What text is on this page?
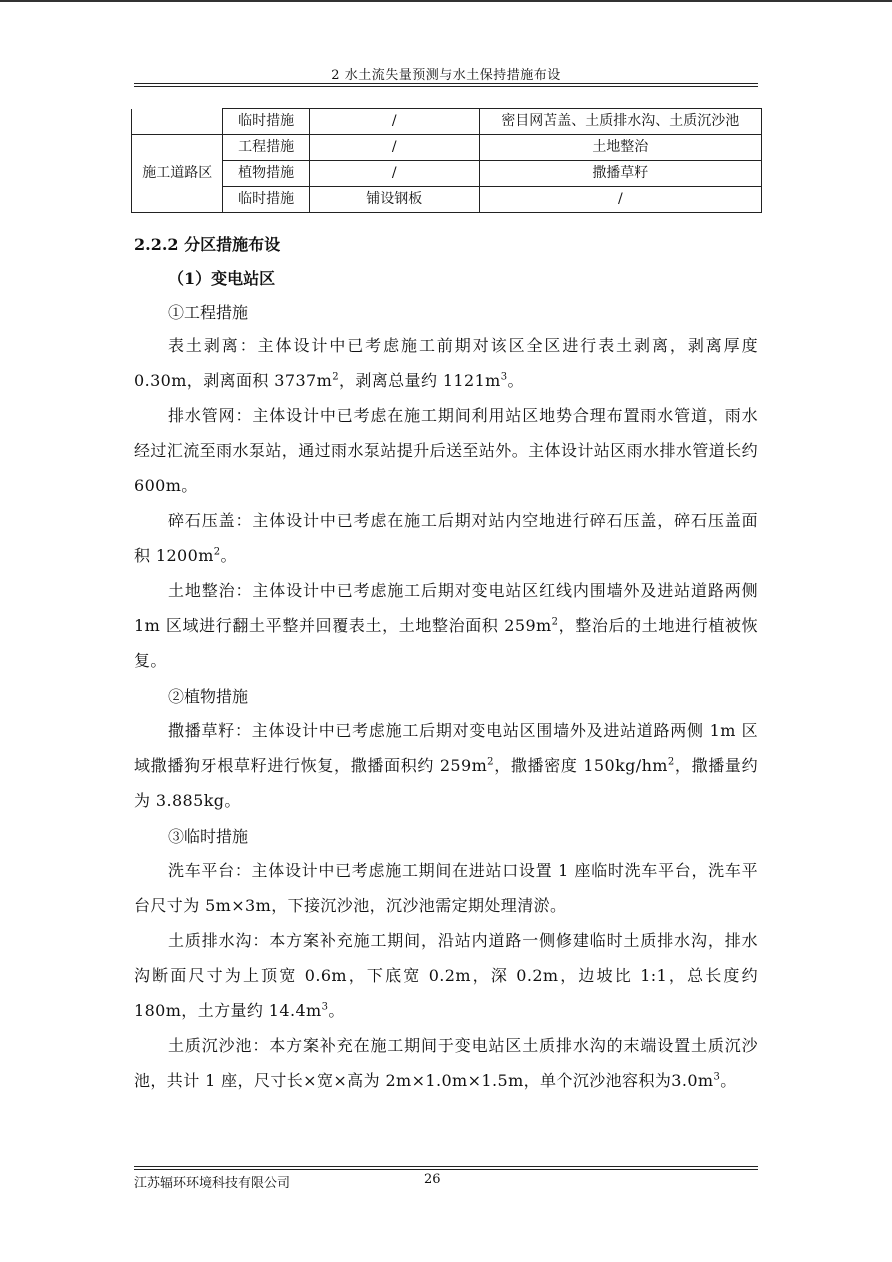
2 水土流失量预测与水土保持措施布设
	临时措施	/	密目网苫盖、土质排水沟、土质沉沙池
施工道路区	工程措施	/	土地整治
	植物措施	/	撒播草籽
	临时措施	铺设钢板	/
2.2.2 分区措施布设
（1）变电站区
①工程措施
表土剥离：主体设计中已考虑施工前期对该区全区进行表土剥离，剥离厚度0.30m，剥离面积 $3737m^2$，剥离总量约 $1121m^3$。
排水管网：主体设计中已考虑在施工期间利用站区地势合理布置雨水管道，雨水经过汇流至雨水泵站，通过雨水泵站提升后送至站外。主体设计站区雨水排水管道长约 600m。
碎石压盖：主体设计中已考虑在施工后期对站内空地进行碎石压盖，碎石压盖面积 $1200m^2$。
土地整治：主体设计中已考虑施工后期对变电站区红线内围墙外及进站道路两侧 1m 区域进行翻土平整并回覆表土，土地整治面积 $259m^2$，整治后的土地进行植被恢复。
②植物措施
撒播草籽：主体设计中已考虑施工后期对变电站区围墙外及进站道路两侧 1m 区域撒播狗牙根草籽进行恢复，撒播面积约 $259m^2$，撒播密度 $150kg/hm^2$，撒播量约为 3.885kg。
③临时措施
洗车平台：主体设计中已考虑施工期间在进站口设置 1 座临时洗车平台，洗车平台尺寸为 5m×3m，下接沉沙池，沉沙池需定期处理清淤。
土质排水沟：本方案补充施工期间，沿站内道路一侧修建临时土质排水沟，排水沟断面尺寸为上顶宽 0.6m，下底宽 0.2m，深 0.2m，边坡比 1:1，总长度约180m，土方量约 $14.4m^3$。
土质沉沙池：本方案补充在施工期间于变电站区土质排水沟的末端设置土质沉沙池，共计 1 座，尺寸长×宽×高为 2m×1.0m×1.5m，单个沉沙池容积为$3.0m^3$。
江苏辐环环境科技有限公司	26
